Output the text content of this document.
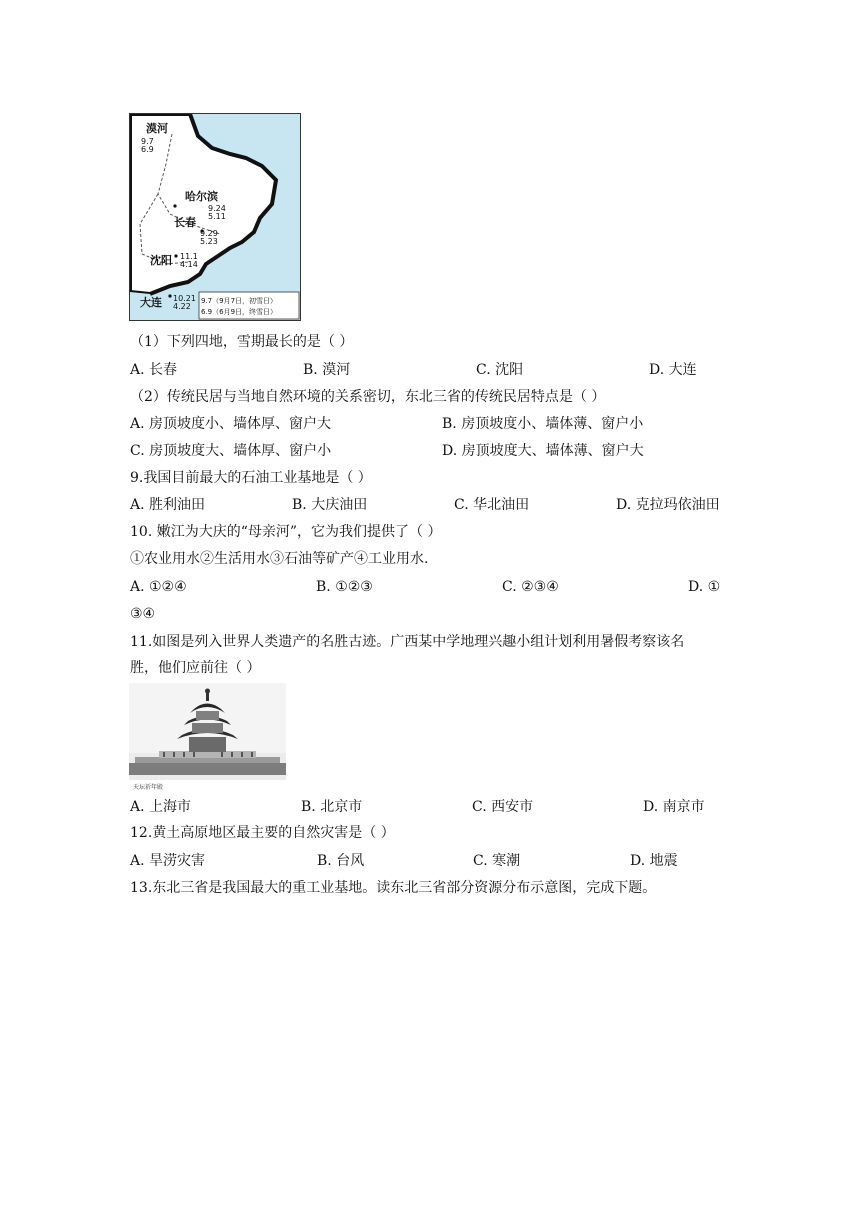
漠河
9.7
6.9
哈尔滨
9.24
5.11
长春
9.29
5.23
沈阳 11.1
4.14
大连 10.21
4.22
9.7（9月7日，初雪日）
6.9（6月9日，终雪日）
（1）下列四地，雪期最长的是（ ）
A. 长春	B. 漠河	C. 沈阳	D. 大连
（2）传统民居与当地自然环境的关系密切，东北三省的传统民居特点是（ ）
A. 房顶坡度小、墙体厚、窗户大	B. 房顶坡度小、墙体薄、窗户小
C. 房顶坡度大、墙体厚、窗户小	D. 房顶坡度大、墙体薄、窗户大
9.我国目前最大的石油工业基地是（ ）
A. 胜利油田	B. 大庆油田	C. 华北油田	D. 克拉玛依油田
10. 嫩江为大庆的“母亲河”，它为我们提供了（ ）
①农业用水②生活用水③石油等矿产④工业用水.
A. ①②④	B. ①②③	C. ②③④	D. ①
③④
11.如图是列入世界人类遗产的名胜古迹。广西某中学地理兴趣小组计划利用暑假考察该名
胜，他们应前往（ ）
天坛祈年殿
A. 上海市	B. 北京市	C. 西安市	D. 南京市
12.黄土高原地区最主要的自然灾害是（ ）
A. 旱涝灾害	B. 台风	C. 寒潮	D. 地震
13.东北三省是我国最大的重工业基地。读东北三省部分资源分布示意图，完成下题。
